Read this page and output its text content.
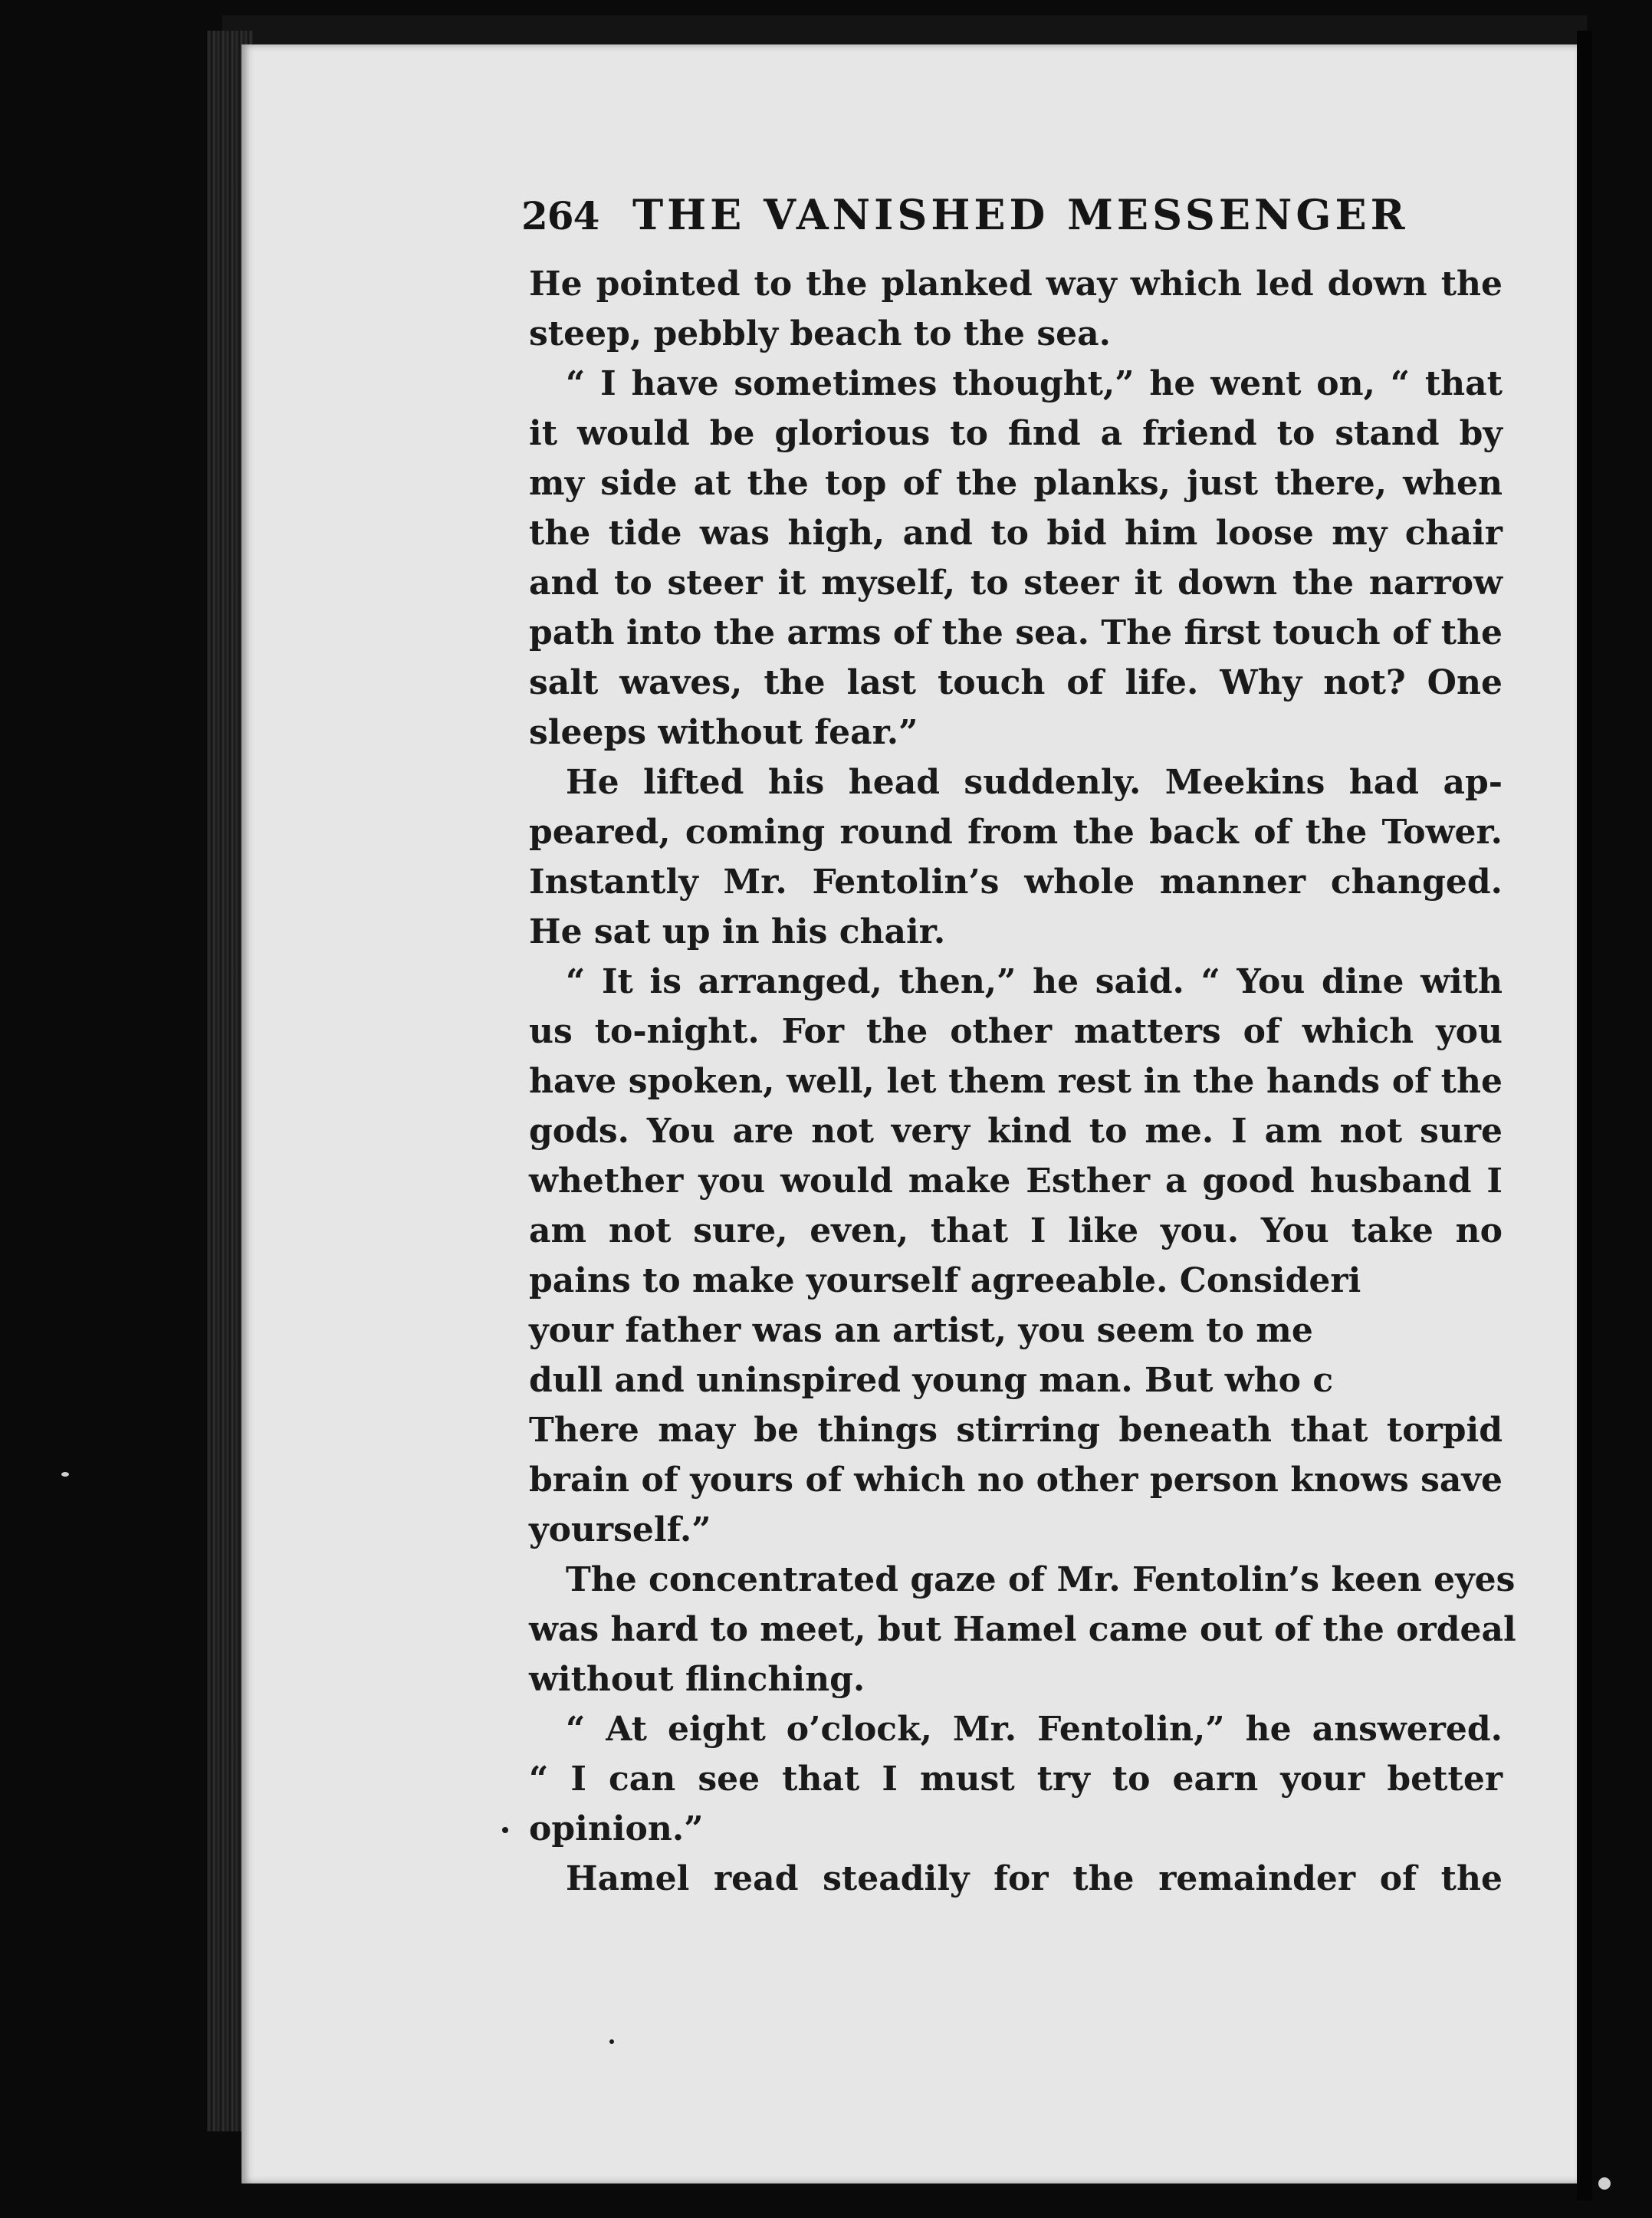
264 THE VANISHED MESSENGER
He pointed to the planked way which led down the
steep, pebbly beach to the sea.
“ I have sometimes thought,” he went on, “ that
it would be glorious to find a friend to stand by
my side at the top of the planks, just there, when
the tide was high, and to bid him loose my chair
and to steer it myself, to steer it down the narrow
path into the arms of the sea. The first touch of the
salt waves, the last touch of life. Why not? One
sleeps without fear.”
He lifted his head suddenly. Meekins had ap-
peared, coming round from the back of the Tower.
Instantly Mr. Fentolin’s whole manner changed.
He sat up in his chair.
“ It is arranged, then,” he said. “ You dine with
us to-night. For the other matters of which you
have spoken, well, let them rest in the hands of the
gods. You are not very kind to me. I am not sure
whether you would make Esther a good husband I
am not sure, even, that I like you. You take no
pains to make yourself agreeable. Consideri
your father was an artist, you seem to me
dull and uninspired young man. But who c
There may be things stirring beneath that torpid
brain of yours of which no other person knows save
yourself.”
The concentrated gaze of Mr. Fentolin’s keen eyes
was hard to meet, but Hamel came out of the ordeal
without flinching.
“ At eight o’clock, Mr. Fentolin,” he answered.
“ I can see that I must try to earn your better
opinion.”
Hamel read steadily for the remainder of the
